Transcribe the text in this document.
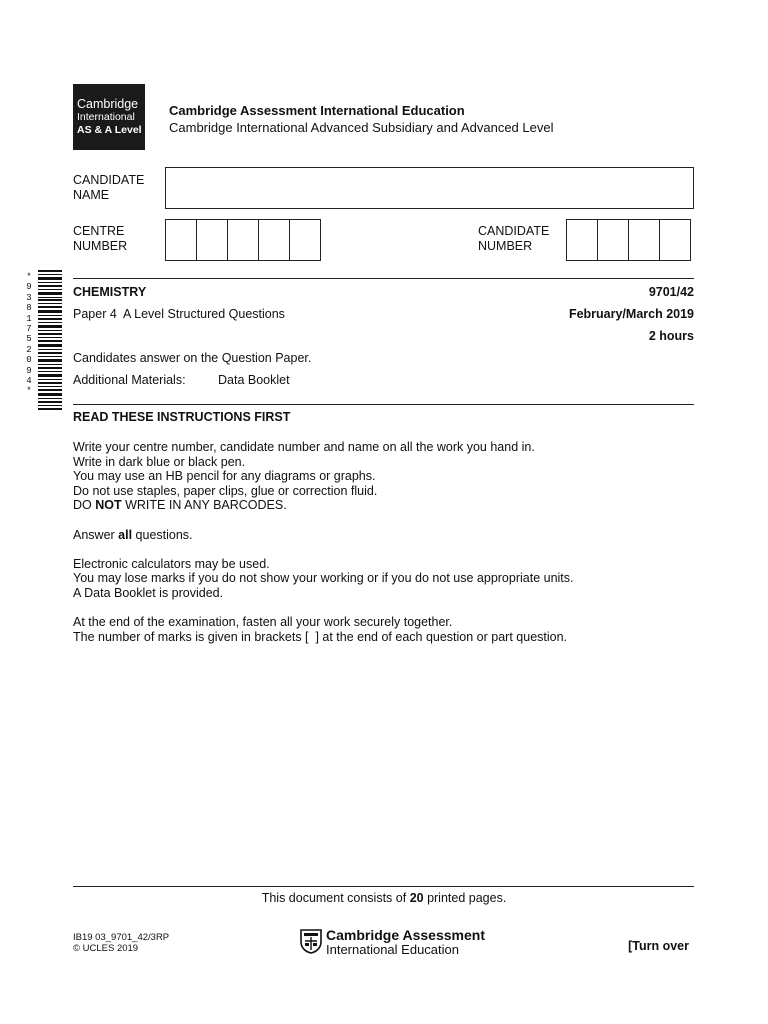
Cambridge
International
AS & A Level
Cambridge Assessment International Education
Cambridge International Advanced Subsidiary and Advanced Level
CANDIDATE
NAME
CENTRE
NUMBER
CANDIDATE
NUMBER
*
9
3
8
1
7
5
2
0
9
4
*
CHEMISTRY	9701/42
Paper 4  A Level Structured Questions	February/March 2019
2 hours
Candidates answer on the Question Paper.
Additional Materials:	Data Booklet
READ THESE INSTRUCTIONS FIRST

Write your centre number, candidate number and name on all the work you hand in.

Write in dark blue or black pen.

You may use an HB pencil for any diagrams or graphs.

Do not use staples, paper clips, glue or correction fluid.

DO NOT WRITE IN ANY BARCODES.

Answer all questions.

Electronic calculators may be used.

You may lose marks if you do not show your working or if you do not use appropriate units.

A Data Booklet is provided.

At the end of the examination, fasten all your work securely together.

The number of marks is given in brackets [  ] at the end of each question or part question.

This document consists of 20 printed pages.
IB19 03_9701_42/3RP
© UCLES 2019
Cambridge Assessment
International Education	[Turn over
